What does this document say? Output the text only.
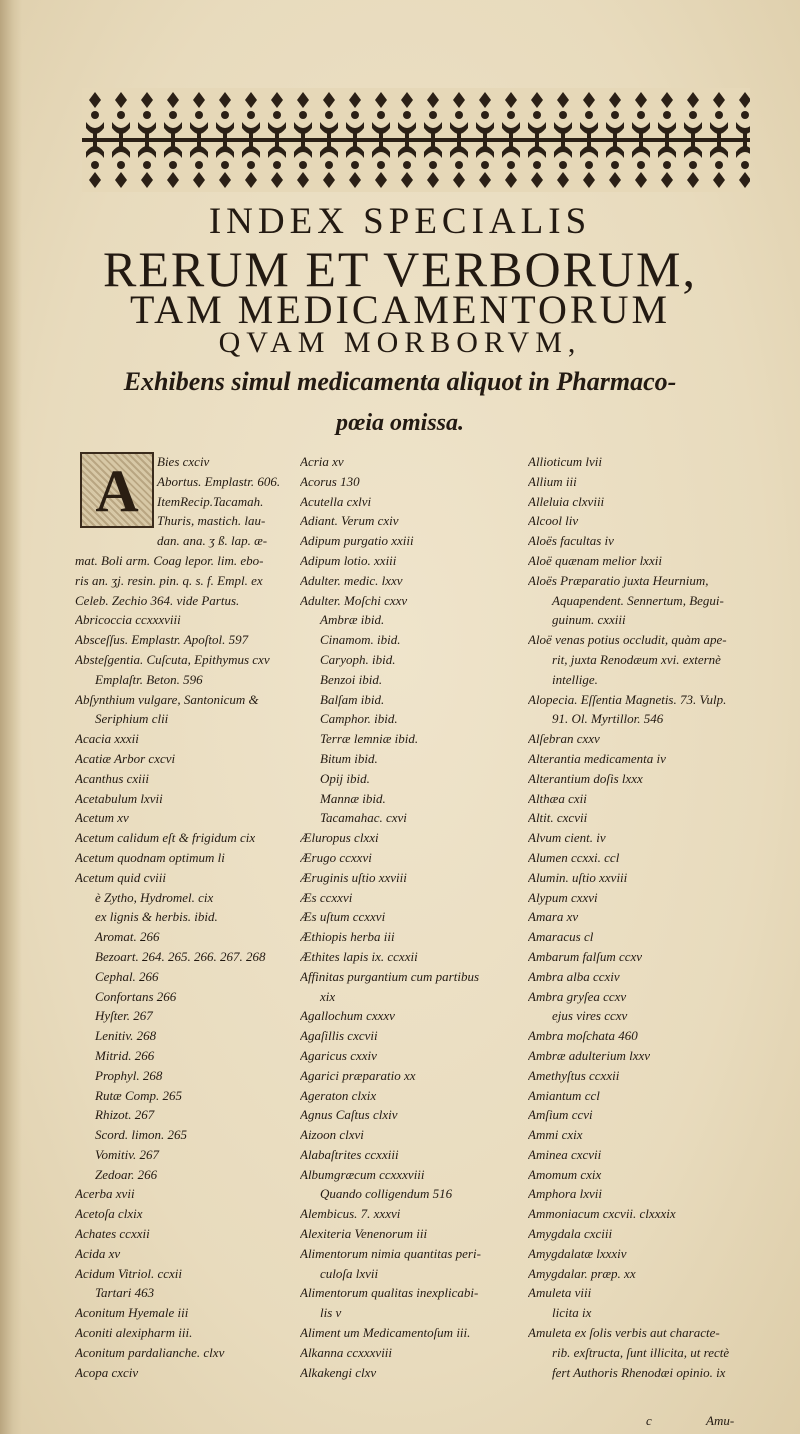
INDEX SPECIALIS
RERUM ET VERBORUM,
TAM MEDICAMENTORUM
QVAM MORBORVM,
Exhibens simul medicamenta aliquot in Pharmaco-
pœia omissa.
A	Bies cxciv
Abortus. Emplastr. 606.
ItemRecip.Tacamah.
Thuris, mastich. lau-
dan. ana. ʒ ß. lap. æ-
mat. Boli arm. Coag lepor. lim. ebo-
ris an. ʒj. resin. pin. q. s. f. Empl. ex
Celeb. Zechio 364. vide Partus.
Abricoccia ccxxxviii
Absceſſus. Emplastr. Apoſtol. 597
Absteſgentia. Cuſcuta, Epithymus cxv
Emplaſtr. Beton. 596
Abſynthium vulgare, Santonicum &
Seriphium clii
Acacia xxxii
Acatiæ Arbor cxcvi
Acanthus cxiii
Acetabulum lxvii
Acetum xv
Acetum calidum eſt & frigidum cix
Acetum quodnam optimum li
Acetum quid cviii
è Zytho, Hydromel. cix
ex lignis & herbis. ibid.
Aromat. 266
Bezoart. 264. 265. 266. 267. 268
Cephal. 266
Confortans 266
Hyſter. 267
Lenitiv. 268
Mitrid. 266
Prophyl. 268
Rutæ Comp. 265
Rhizot. 267
Scord. limon. 265
Vomitiv. 267
Zedoar. 266
Acerba xvii
Acetoſa clxix
Achates ccxxii
Acida xv
Acidum Vitriol. ccxii
Tartari 463
Aconitum Hyemale iii
Aconiti alexipharm iii.
Aconitum pardalianche. clxv
Acopa cxciv
Acria xv
Acorus 130
Acutella cxlvi
Adiant. Verum cxiv
Adipum purgatio xxiii
Adipum lotio. xxiii
Adulter. medic. lxxv
Adulter. Moſchi cxxv
Ambræ ibid.
Cinamom. ibid.
Caryoph. ibid.
Benzoi ibid.
Balſam ibid.
Camphor. ibid.
Terræ lemniæ ibid.
Bitum ibid.
Opij ibid.
Mannæ ibid.
Tacamahac. cxvi
Æluropus clxxi
Ærugo ccxxvi
Æruginis uſtio xxviii
Æs ccxxvi
Æs uſtum ccxxvi
Æthiopis herba iii
Æthites lapis ix. ccxxii
Affinitas purgantium cum partibus
xix
Agallochum cxxxv
Agaſillis cxcvii
Agaricus cxxiv
Agarici præparatio xx
Ageraton clxix
Agnus Caſtus clxiv
Aizoon clxvi
Alabaſtrites ccxxiii
Albumgræcum ccxxxviii
Quando colligendum 516
Alembicus. 7. xxxvi
Alexiteria Venenorum iii
Alimentorum nimia quantitas peri-
culoſa lxvii
Alimentorum qualitas inexplicabi-
lis v
Aliment um Medicamentoſum iii.
Alkanna ccxxxviii
Alkakengi clxv
Allioticum lvii
Allium iii
Alleluia clxviii
Alcool liv
Aloës facultas iv
Aloë quænam melior lxxii
Aloës Præparatio juxta Heurnium,
Aquapendent. Sennertum, Begui-
guinum. cxxiii
Aloë venas potius occludit, quàm ape-
rit, juxta Renodæum xvi. externè
intellige.
Alopecia. Eſſentia Magnetis. 73. Vulp.
91. Ol. Myrtillor. 546
Alſebran cxxv
Alterantia medicamenta iv
Alterantium doſis lxxx
Althæa cxii
Altit. cxcvii
Alvum cient. iv
Alumen ccxxi. ccl
Alumin. uſtio xxviii
Alypum cxxvi
Amara xv
Amaracus cl
Ambarum falſum ccxv
Ambra alba ccxiv
Ambra gryſea ccxv
ejus vires ccxv
Ambra moſchata 460
Ambræ adulterium lxxv
Amethyſtus ccxxii
Amiantum ccl
Amſium ccvi
Ammi cxix
Aminea cxcvii
Amomum cxix
Amphora lxvii
Ammoniacum cxcvii. clxxxix
Amygdala cxciii
Amygdalatæ lxxxiv
Amygdalar. præp. xx
Amuleta viii
licita ix
Amuleta ex ſolis verbis aut characte-
rib. exſtructa, ſunt illicita, ut rectè
fert Authoris Rhenodæi opinio. ix
c	Amu-
